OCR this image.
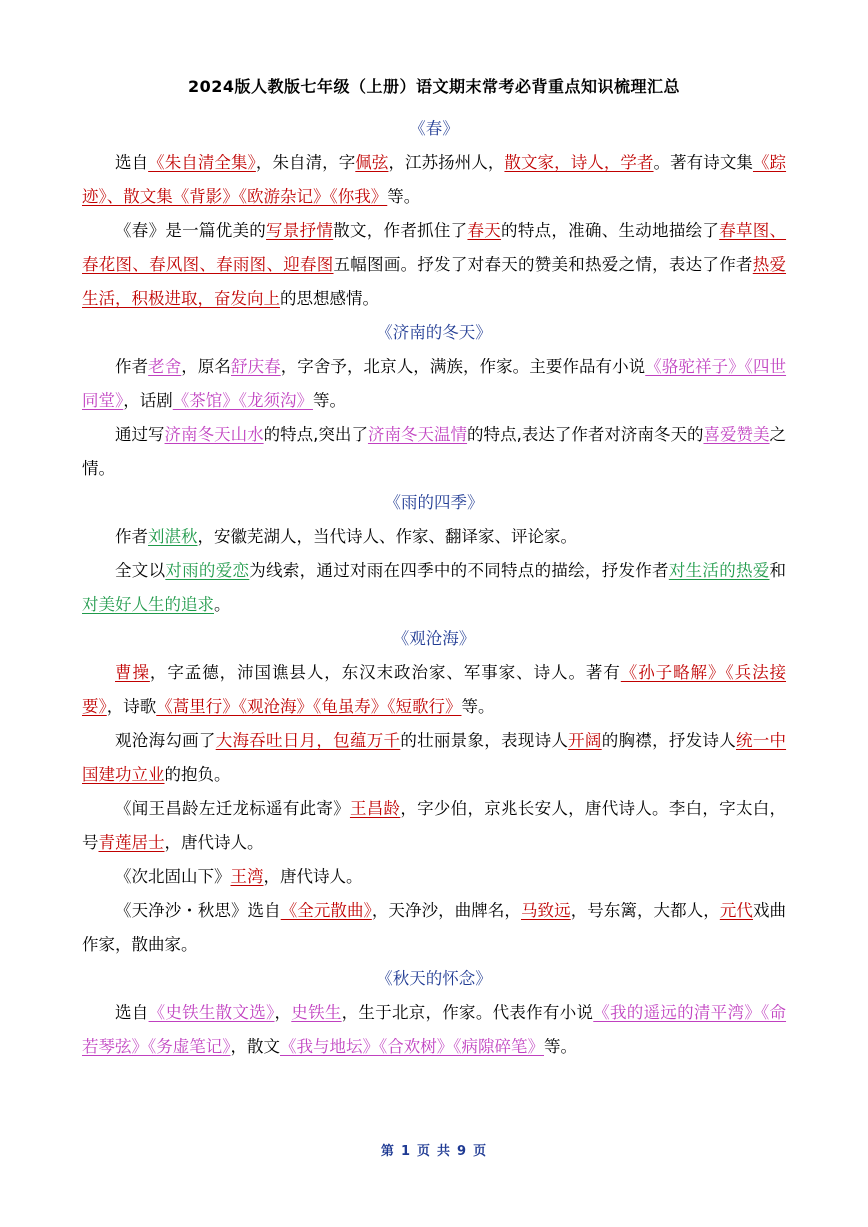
2024版人教版七年级（上册）语文期末常考必背重点知识梳理汇总
《春》

选自《朱自清全集》，朱自清，字佩弦，江苏扬州人，散文家，诗人，学者。著有诗文集《踪迹》、散文集《背影》《欧游杂记》《你我》等。

《春》是一篇优美的写景抒情散文，作者抓住了春天的特点，准确、生动地描绘了春草图、春花图、春风图、春雨图、迎春图五幅图画。抒发了对春天的赞美和热爱之情，表达了作者热爱生活，积极进取，奋发向上的思想感情。

《济南的冬天》

作者老舍，原名舒庆春，字舍予，北京人，满族，作家。主要作品有小说《骆驼祥子》《四世同堂》，话剧《茶馆》《龙须沟》等。

通过写济南冬天山水的特点,突出了济南冬天温情的特点,表达了作者对济南冬天的喜爱赞美之情。

《雨的四季》

作者刘湛秋，安徽芜湖人，当代诗人、作家、翻译家、评论家。

全文以对雨的爱恋为线索，通过对雨在四季中的不同特点的描绘，抒发作者对生活的热爱和对美好人生的追求。

《观沧海》

曹操，字孟德，沛国谯县人，东汉末政治家、军事家、诗人。著有《孙子略解》《兵法接要》，诗歌《蒿里行》《观沧海》《龟虽寿》《短歌行》等。

观沧海勾画了大海吞吐日月，包蕴万千的壮丽景象，表现诗人开阔的胸襟，抒发诗人统一中国建功立业的抱负。

《闻王昌龄左迁龙标遥有此寄》王昌龄，字少伯，京兆长安人，唐代诗人。李白，字太白，号青莲居士，唐代诗人。

《次北固山下》王湾，唐代诗人。

《天净沙・秋思》选自《全元散曲》，天净沙，曲牌名，马致远，号东篱，大都人，元代戏曲作家，散曲家。

《秋天的怀念》

选自《史铁生散文选》，史铁生，生于北京，作家。代表作有小说《我的遥远的清平湾》《命若琴弦》《务虚笔记》，散文《我与地坛》《合欢树》《病隙碎笔》等。

第 1 页 共 9 页
